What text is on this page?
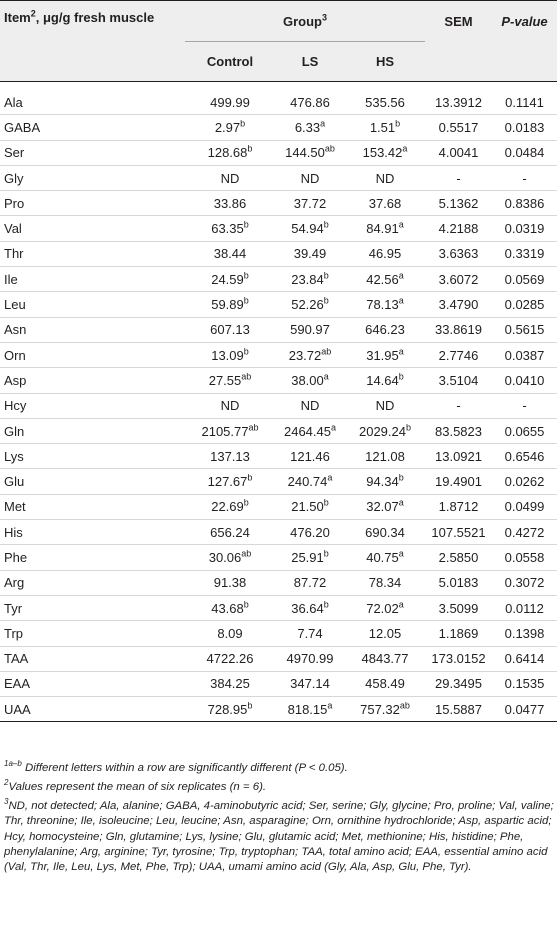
Item$^2$, μg/g fresh muscle	Group$^3$			SEM	P-value
	Control	LS	HS		

Ala	499.99	476.86	535.56	13.3912	0.1141
GABA	2.97$^b$	6.33$^a$	1.51$^b$	0.5517	0.0183
Ser	128.68$^b$	144.50$^{ab}$	153.42$^a$	4.0041	0.0484
Gly	ND	ND	ND	-	-
Pro	33.86	37.72	37.68	5.1362	0.8386
Val	63.35$^b$	54.94$^b$	84.91$^a$	4.2188	0.0319
Thr	38.44	39.49	46.95	3.6363	0.3319
Ile	24.59$^b$	23.84$^b$	42.56$^a$	3.6072	0.0569
Leu	59.89$^b$	52.26$^b$	78.13$^a$	3.4790	0.0285
Asn	607.13	590.97	646.23	33.8619	0.5615
Orn	13.09$^b$	23.72$^{ab}$	31.95$^a$	2.7746	0.0387
Asp	27.55$^{ab}$	38.00$^a$	14.64$^b$	3.5104	0.0410
Hcy	ND	ND	ND	-	-
Gln	2105.77$^{ab}$	2464.45$^a$	2029.24$^b$	83.5823	0.0655
Lys	137.13	121.46	121.08	13.0921	0.6546
Glu	127.67$^b$	240.74$^a$	94.34$^b$	19.4901	0.0262
Met	22.69$^b$	21.50$^b$	32.07$^a$	1.8712	0.0499
His	656.24	476.20	690.34	107.5521	0.4272
Phe	30.06$^{ab}$	25.91$^b$	40.75$^a$	2.5850	0.0558
Arg	91.38	87.72	78.34	5.0183	0.3072
Tyr	43.68$^b$	36.64$^b$	72.02$^a$	3.5099	0.0112
Trp	8.09	7.74	12.05	1.1869	0.1398
TAA	4722.26	4970.99	4843.77	173.0152	0.6414
EAA	384.25	347.14	458.49	29.3495	0.1535
UAA	728.95$^b$	818.15$^a$	757.32$^{ab}$	15.5887	0.0477
$^{1a-b}$ Different letters within a row are significantly different (P < 0.05).
$^2$Values represent the mean of six replicates (n = 6).
$^3$ND, not detected; Ala, alanine; GABA, 4-aminobutyric acid; Ser, serine; Gly, glycine; Pro, proline; Val, valine; Thr, threonine; Ile, isoleucine; Leu, leucine; Asn, asparagine; Orn, ornithine hydrochloride; Asp, aspartic acid; Hcy, homocysteine; Gln, glutamine; Lys, lysine; Glu, glutamic acid; Met, methionine; His, histidine; Phe, phenylalanine; Arg, arginine; Tyr, tyrosine; Trp, tryptophan; TAA, total amino acid; EAA, essential amino acid (Val, Thr, Ile, Leu, Lys, Met, Phe, Trp); UAA, umami amino acid (Gly, Ala, Asp, Glu, Phe, Tyr).
